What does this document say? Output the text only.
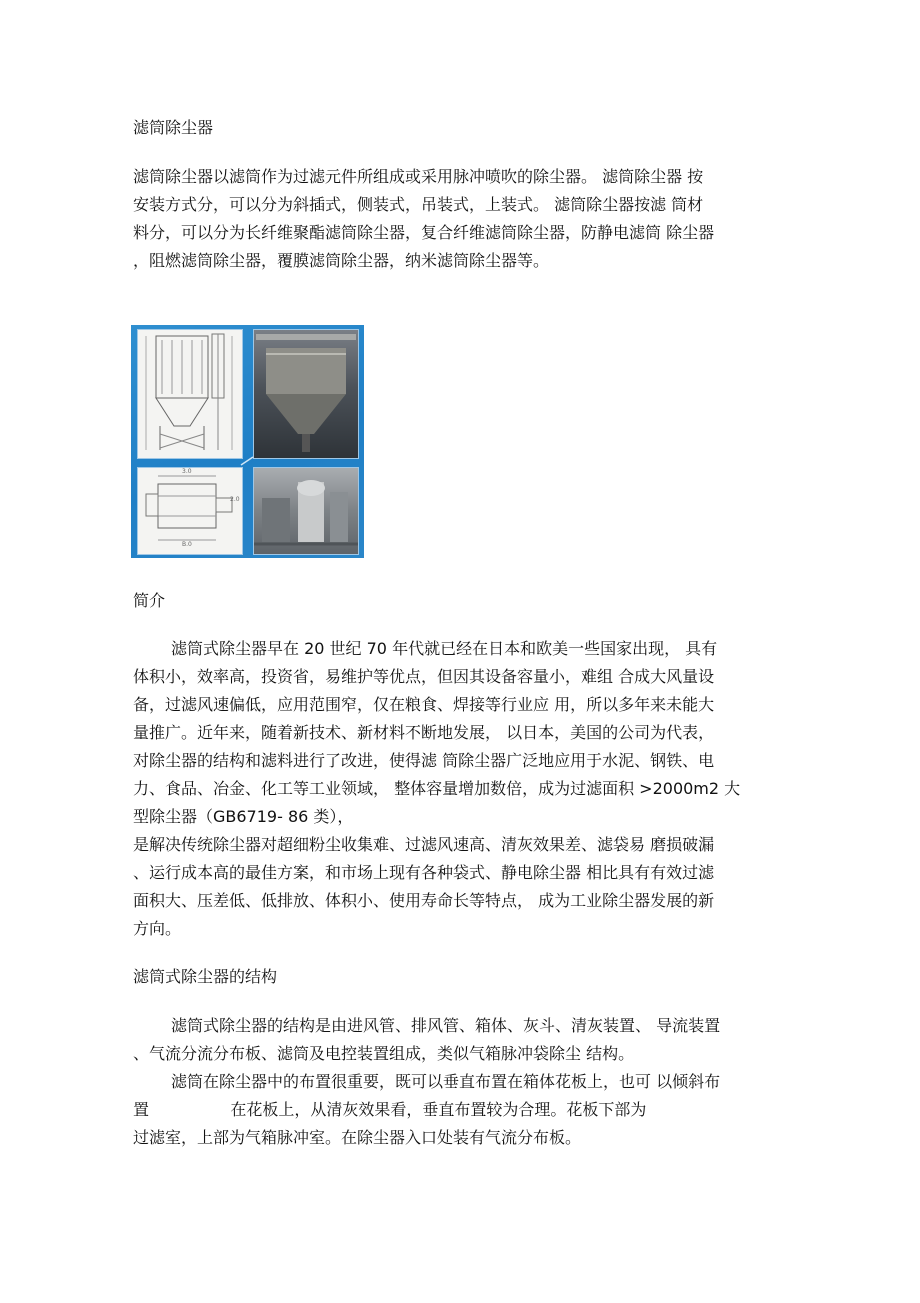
滤筒除尘器
滤筒除尘器以滤筒作为过滤元件所组成或采用脉冲喷吹的除尘器。 滤筒除尘器 按
安装方式分，可以分为斜插式，侧装式，吊装式，上装式。 滤筒除尘器按滤 筒材
料分，可以分为长纤维聚酯滤筒除尘器，复合纤维滤筒除尘器，防静电滤筒 除尘器
，阻燃滤筒除尘器，覆膜滤筒除尘器，纳米滤筒除尘器等。
3.0
B.0
2.0
简介
滤筒式除尘器早在 20 世纪 70 年代就已经在日本和欧美一些国家出现， 具有
体积小，效率高，投资省，易维护等优点，但因其设备容量小，难组 合成大风量设
备，过滤风速偏低，应用范围窄，仅在粮食、焊接等行业应 用，所以多年来未能大
量推广。近年来，随着新技术、新材料不断地发展， 以日本，美国的公司为代表，
对除尘器的结构和滤料进行了改进，使得滤 筒除尘器广泛地应用于水泥、钢铁、电
力、食品、冶金、化工等工业领域， 整体容量增加数倍，成为过滤面积 >2000m2 大
型除尘器（GB6719- 86 类），
是解决传统除尘器对超细粉尘收集难、过滤风速高、清灰效果差、滤袋易 磨损破漏
、运行成本高的最佳方案，和市场上现有各种袋式、静电除尘器 相比具有有效过滤
面积大、压差低、低排放、体积小、使用寿命长等特点， 成为工业除尘器发展的新
方向。
滤筒式除尘器的结构
滤筒式除尘器的结构是由进风管、排风管、箱体、灰斗、清灰装置、 导流装置
、气流分流分布板、滤筒及电控装置组成，类似气箱脉冲袋除尘 结构。
滤筒在除尘器中的布置很重要，既可以垂直布置在箱体花板上，也可 以倾斜布
置                在花板上，从清灰效果看，垂直布置较为合理。花板下部为
过滤室，上部为气箱脉冲室。在除尘器入口处装有气流分布板。
